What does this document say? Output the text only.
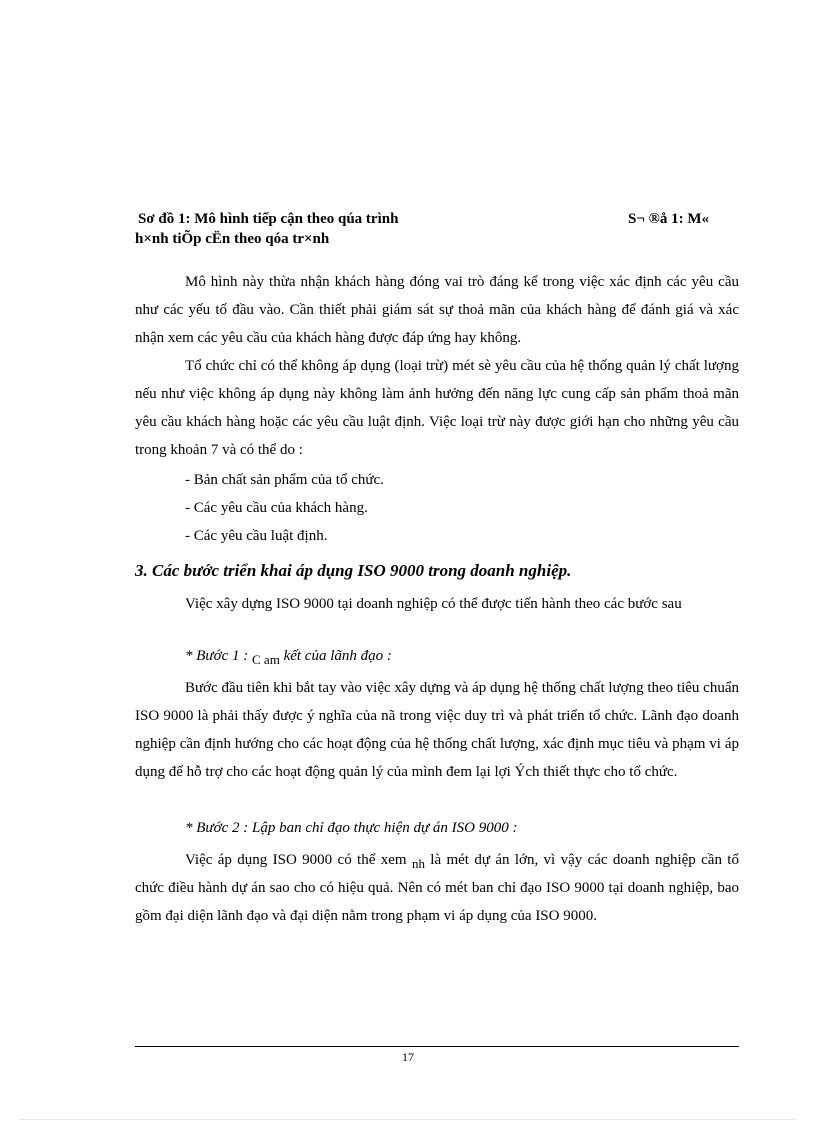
Sơ đồ 1: Mô hình tiếp cận theo qúa trình	S¬ ®å 1: M«
h×nh tiÕp cËn theo qóa tr×nh

Mô hình này thừa nhận khách hàng đóng vai trò đáng kể trong việc xác định các yêu cầu như các yếu tố đầu vào. Cần thiết phải giám sát sự thoả mãn của khách hàng để đánh giá và xác nhận xem các yêu cầu của khách hàng được đáp ứng hay không.

Tổ chức chỉ có thể không áp dụng (loại trừ) mét sè yêu cầu của hệ thống quản lý chất lượng nếu như việc không áp dụng này không làm ảnh hưởng đến năng lực cung cấp sản phẩm thoả mãn yêu cầu khách hàng hoặc các yêu cầu luật định. Việc loại trừ này được giới hạn cho những yêu cầu trong khoản 7 và có thể do :

- Bản chất sản phẩm của tổ chức.
- Các yêu cầu của khách hàng.
- Các yêu cầu luật định.
3. Các bước triển khai áp dụng ISO 9000 trong doanh nghiệp.

Việc xây dựng ISO 9000 tại doanh nghiệp có thể được tiến hành theo các bước sau

* Bước 1 : C am kết của lãnh đạo :

Bước đầu tiên khi bắt tay vào việc xây dựng và áp dụng hệ thống chất lượng theo tiêu chuẩn ISO 9000 là phải thấy được ý nghĩa của nã trong việc duy trì và phát triển tổ chức. Lãnh đạo doanh nghiệp cần định hướng cho các hoạt động của hệ thống chất lượng, xác định mục tiêu và phạm vi áp dụng để hỗ trợ cho các hoạt động quản lý của mình đem lại lợi Ých thiết thực cho tổ chức.

* Bước 2 : Lập ban chỉ đạo thực hiện dự án ISO 9000 :

Việc áp dụng ISO 9000 có thể xem nh là mét dự án lớn, vì vậy các doanh nghiệp cần tổ chức điều hành dự án sao cho có hiệu quả. Nên có mét ban chỉ đạo ISO 9000 tại doanh nghiệp, bao gồm đại diện lãnh đạo và đại diện nằm trong phạm vi áp dụng của ISO 9000.

17
